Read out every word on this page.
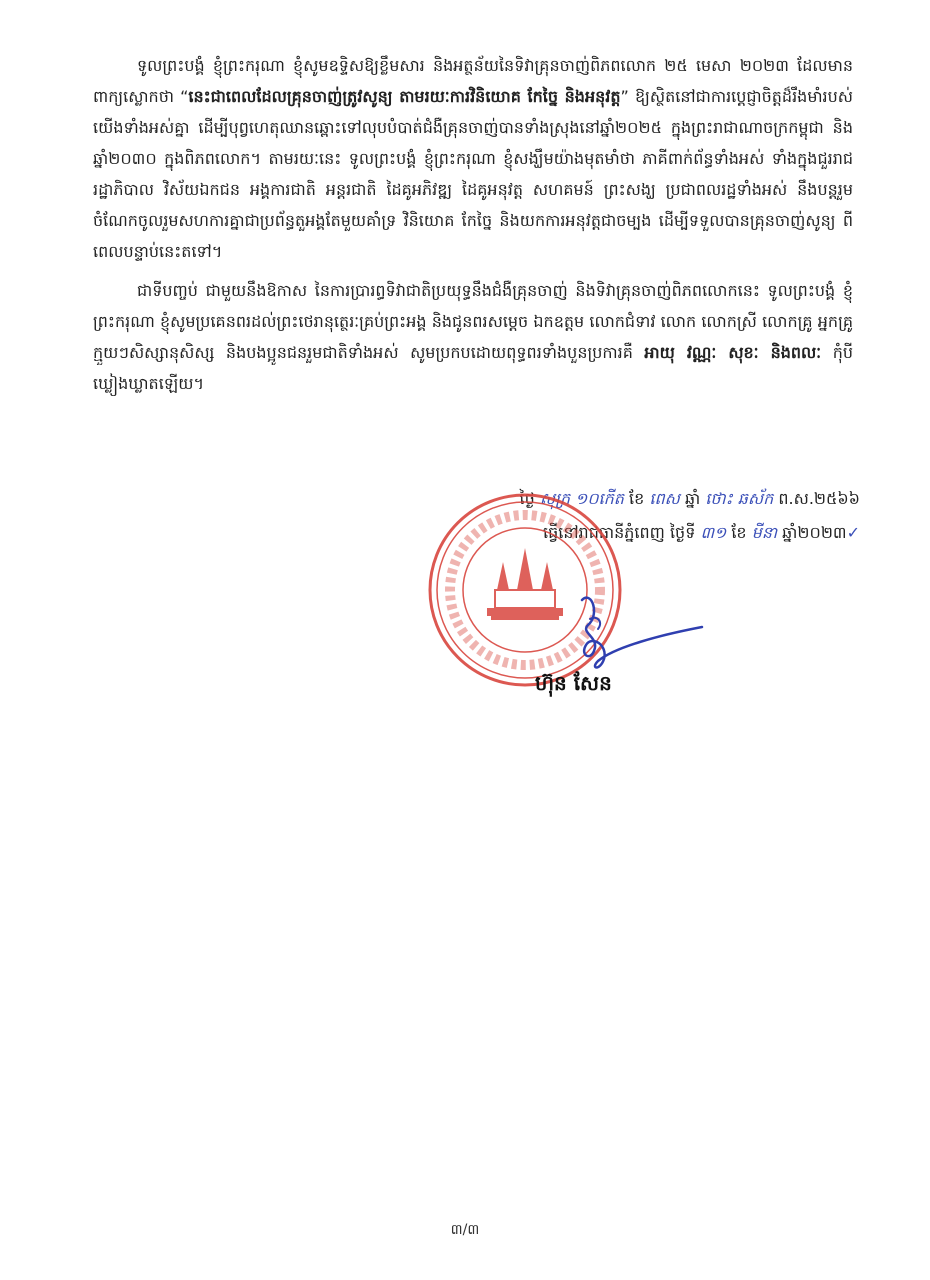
ទូលព្រះបង្គំ ខ្ញុំព្រះករុណា ខ្ញុំសូមឧទ្ទិសឱ្យខ្លឹមសារ និងអត្ថន័យនៃទិវាគ្រុនចាញ់ពិភពលោក ២៥ មេសា ២០២៣ ដែលមានពាក្យស្លោកថា “នេះជាពេលដែលគ្រុនចាញ់ត្រូវសូន្យ តាមរយៈការវិនិយោគ កែច្នៃ និងអនុវត្ត” ឱ្យស្ថិតនៅជាការប្ដេជ្ញាចិត្តដ៏រឹងមាំរបស់យើងទាំងអស់គ្នា ដើម្បីបុព្វហេតុឈានឆ្ពោះទៅលុបបំបាត់ជំងឺគ្រុនចាញ់បានទាំងស្រុងនៅឆ្នាំ២០២៥ ក្នុងព្រះរាជាណាចក្រកម្ពុជា និងឆ្នាំ២០៣០ ក្នុងពិភពលោក។ តាមរយៈនេះ ទូលព្រះបង្គំ ខ្ញុំព្រះករុណា ខ្ញុំសង្ឃឹមយ៉ាងមុតមាំថា ភាគីពាក់ព័ន្ធទាំងអស់ ទាំងក្នុងជួររាជរដ្ឋាភិបាល វិស័យឯកជន អង្គការជាតិ អន្តរជាតិ ដៃគូអភិវឌ្ឍ ដៃគូអនុវត្ត សហគមន៍ ព្រះសង្ឃ ប្រជាពលរដ្ឋទាំងអស់ នឹងបន្តរួមចំណែកចូលរួមសហការគ្នាជាប្រព័ន្ធតួអង្គតែមួយគាំទ្រ វិនិយោគ កែច្នៃ និងយកការអនុវត្តជាចម្បង ដើម្បីទទួលបានគ្រុនចាញ់សូន្យ ពីពេលបន្ទាប់នេះតទៅ។

ជាទីបញ្ចប់ ជាមួយនឹងឱកាស នៃការប្រារព្ធទិវាជាតិប្រយុទ្ធនឹងជំងឺគ្រុនចាញ់ និងទិវាគ្រុនចាញ់ពិភពលោកនេះ ទូលព្រះបង្គំ ខ្ញុំព្រះករុណា ខ្ញុំសូមប្រគេនពរដល់ព្រះថេរានុត្ថេរៈគ្រប់ព្រះអង្គ និងជូនពរសម្ដេច ឯកឧត្តម លោកជំទាវ លោក លោកស្រី លោកគ្រូ អ្នកគ្រូ ក្មួយៗសិស្សានុសិស្ស និងបងប្អូនជនរួមជាតិទាំងអស់ សូមប្រកបដោយពុទ្ធពរទាំងបួនប្រការគឺ អាយុ វណ្ណៈ សុខៈ និងពលៈ កុំបីឃ្លៀងឃ្លាតឡើយ។

ថ្ងៃ សុក្រ ១០កើត ខែ ពេស ឆ្នាំ ថោះ ឆស័ក ព.ស.២៥៦៦
ធ្វើនៅរាជធានីភ្នំពេញ ថ្ងៃទី ៣១ ខែ មីនា ឆ្នាំ២០២៣✓
ហ៊ុន សែន
៣/៣
